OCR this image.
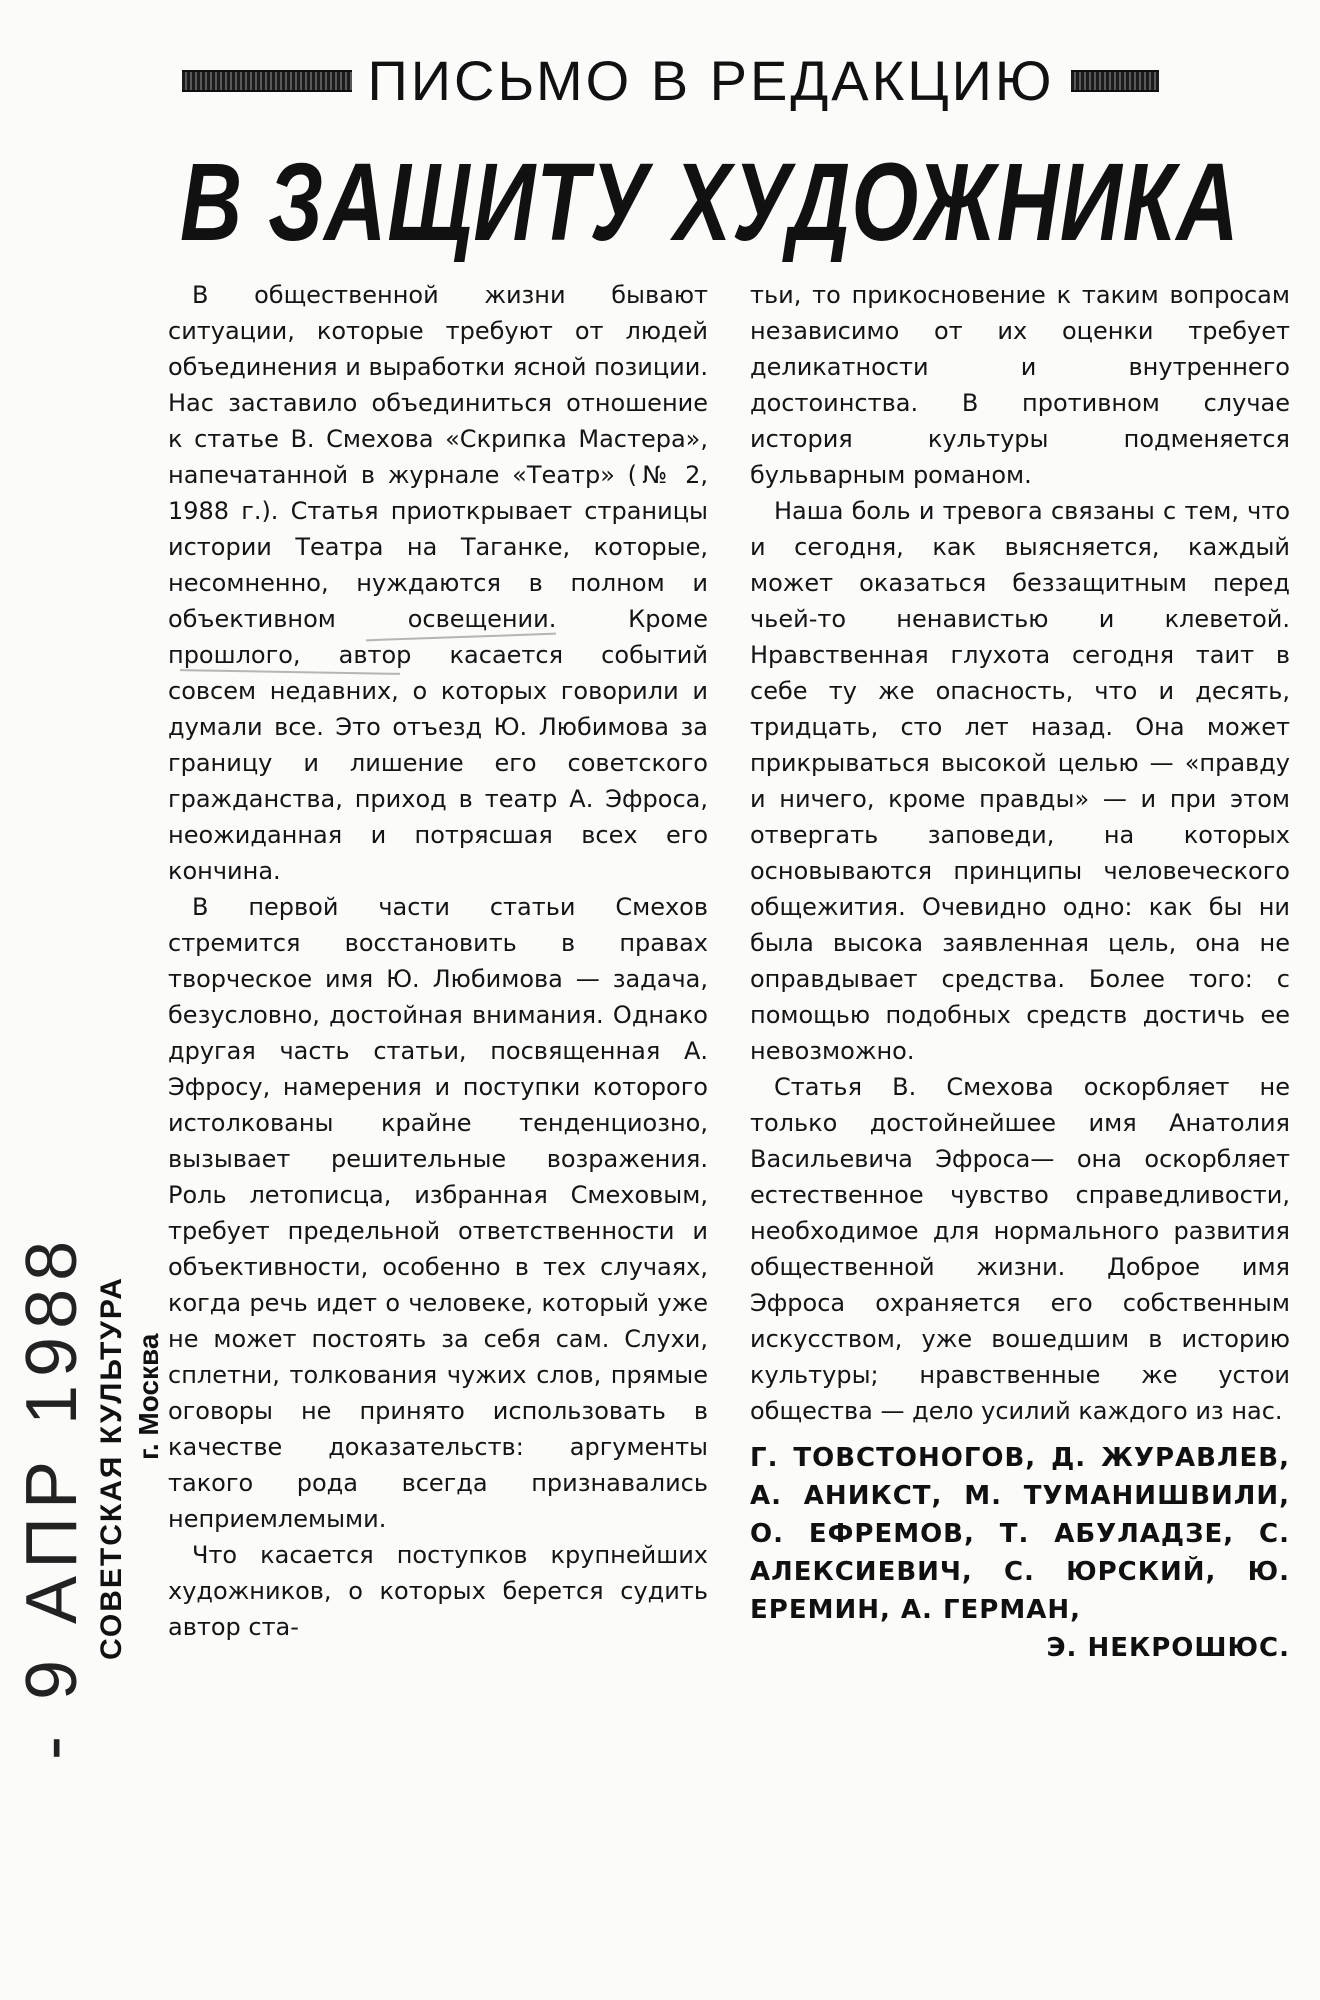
ПИСЬМО В РЕДАКЦИЮ
В ЗАЩИТУ ХУДОЖНИКА
- 9 АПР 1988 СОВЕТСКАЯ КУЛЬТУРА г. Москва

В общественной жизни бывают ситуации, которые требуют от людей объединения и выработки ясной позиции. Нас заставило объединиться отношение к статье В. Смехова «Скрипка Мастера», напечатанной в журнале «Театр» (№ 2, 1988 г.). Статья приоткрывает страницы истории Театра на Таганке, которые, несомненно, нуждаются в полном и объективном освещении. Кроме прошлого, автор касается событий совсем недавних, о которых говорили и думали все. Это отъезд Ю. Любимова за границу и лишение его советского гражданства, приход в театр А. Эфроса, неожиданная и потрясшая всех его кончина.

В первой части статьи Смехов стремится восстановить в правах творческое имя Ю. Любимова — задача, безусловно, достойная внимания. Однако другая часть статьи, посвященная А. Эфросу, намерения и поступки которого истолкованы крайне тенденциозно, вызывает решительные возражения. Роль летописца, избранная Смеховым, требует предельной ответственности и объективности, особенно в тех случаях, когда речь идет о человеке, который уже не может постоять за себя сам. Слухи, сплетни, толкования чужих слов, прямые оговоры не принято использовать в качестве доказательств: аргументы такого рода всегда признавались неприемлемыми.

Что касается поступков крупнейших художников, о которых берется судить автор ста-

тьи, то прикосновение к таким вопросам независимо от их оценки требует деликатности и внутреннего достоинства. В противном случае история культуры подменяется бульварным романом.

Наша боль и тревога связаны с тем, что и сегодня, как выясняется, каждый может оказаться беззащитным перед чьей-то ненавистью и клеветой. Нравственная глухота сегодня таит в себе ту же опасность, что и десять, тридцать, сто лет назад. Она может прикрываться высокой целью — «правду и ничего, кроме правды» — и при этом отвергать заповеди, на которых основываются принципы человеческого общежития. Очевидно одно: как бы ни была высока заявленная цель, она не оправдывает средства. Более того: с помощью подобных средств достичь ее невозможно.

Статья В. Смехова оскорбляет не только достойнейшее имя Анатолия Васильевича Эфроса— она оскорбляет естественное чувство справедливости, необходимое для нормального развития общественной жизни. Доброе имя Эфроса охраняется его собственным искусством, уже вошедшим в историю культуры; нравственные же устои общества — дело усилий каждого из нас.

Г. ТОВСТОНОГОВ, Д. ЖУРАВЛЕВ, А. АНИКСТ, М. ТУМАНИШВИЛИ, О. ЕФРЕМОВ, Т. АБУЛАДЗЕ, С. АЛЕКСИЕВИЧ, С. ЮРСКИЙ, Ю. ЕРЕМИН, А. ГЕРМАН,
Э. НЕКРОШЮС.
